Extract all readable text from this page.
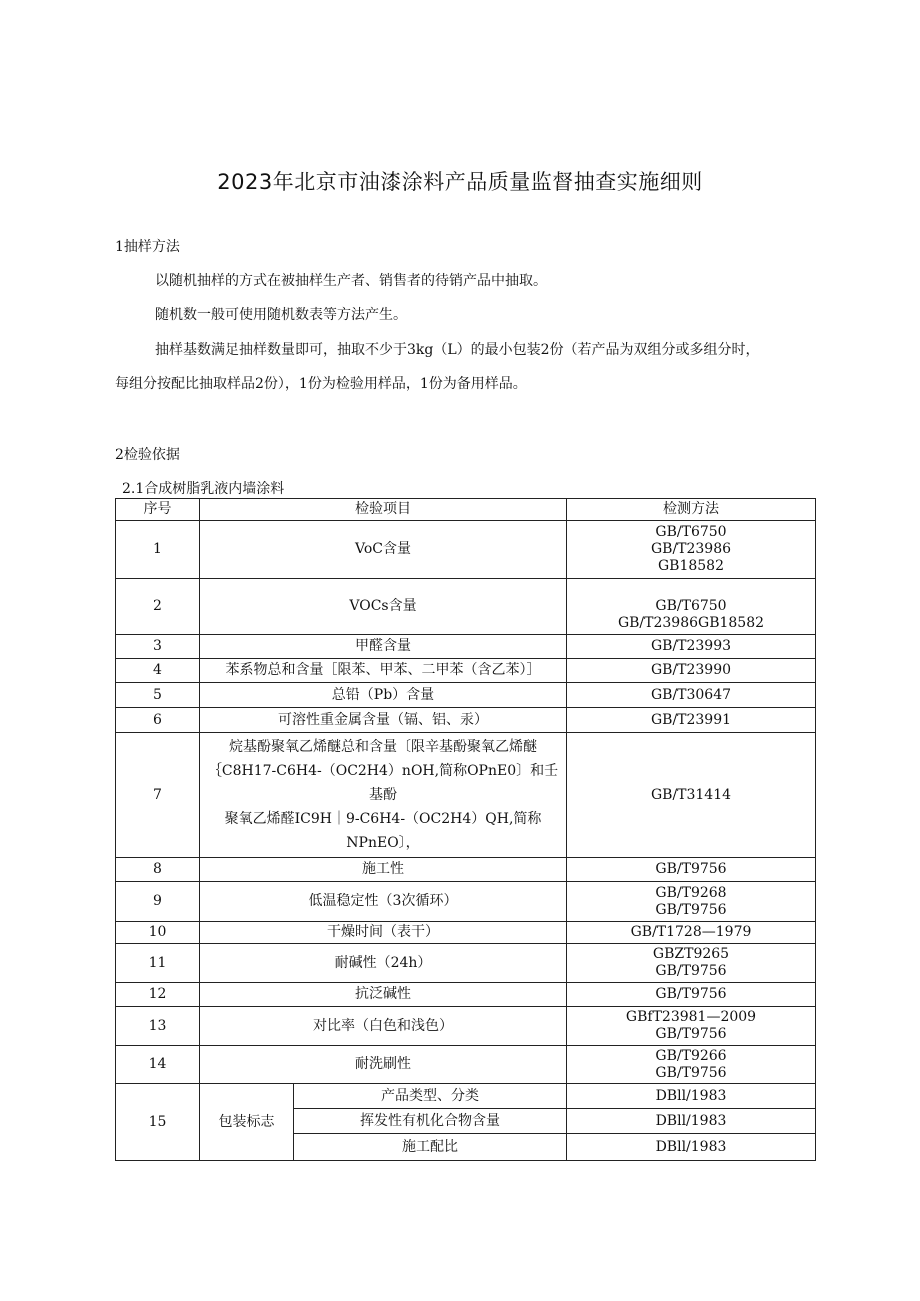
2023年北京市油漆涂料产品质量监督抽查实施细则
1抽样方法
以随机抽样的方式在被抽样生产者、销售者的待销产品中抽取。
随机数一般可使用随机数表等方法产生。
抽样基数满足抽样数量即可，抽取不少于3kg（L）的最小包装2份（若产品为双组分或多组分时，
每组分按配比抽取样品2份），1份为检验用样品，1份为备用样品。
2检验依据
2.1合成树脂乳液内墙涂料
序号	检验项目		检测方法
1	VoC含量		GB/T6750
GB/T23986
GB18582

2	VOCs含量		GB/T6750
GB/T23986GB18582

3	甲醛含量		GB/T23993
4	苯系物总和含量［限苯、甲苯、二甲苯（含乙苯）］		GB/T23990
5	总铅（Pb）含量		GB/T30647
6	可溶性重金属含量（镉、铝、汞）		GB/T23991
7	烷基酚聚氧乙烯醚总和含量〔限辛基酚聚氧乙烯醚
｛C8H17-C6H4-（OC2H4）nOH,简称OPnE0〕和壬基酚
聚氧乙烯醛IC9H｜9-C6H4-（OC2H4）QH,简称
NPnEO〕，		GB/T31414
8	施工性		GB/T9756
9	低温稳定性（3次循环）		GB/T9268
GB/T9756

10	干燥时间（表干）		GB/T1728—1979
11	耐碱性（24h）		GBZT9265
GB/T9756

12	抗泛碱性		GB/T9756
13	对比率（白色和浅色）		GBfT23981—2009
GB/T9756

14	耐洗刷性		GB/T9266
GB/T9756

15	包装标志	产品类型、分类	DBll/1983
		挥发性有机化合物含量	DBll/1983
		施工配比	DBll/1983
